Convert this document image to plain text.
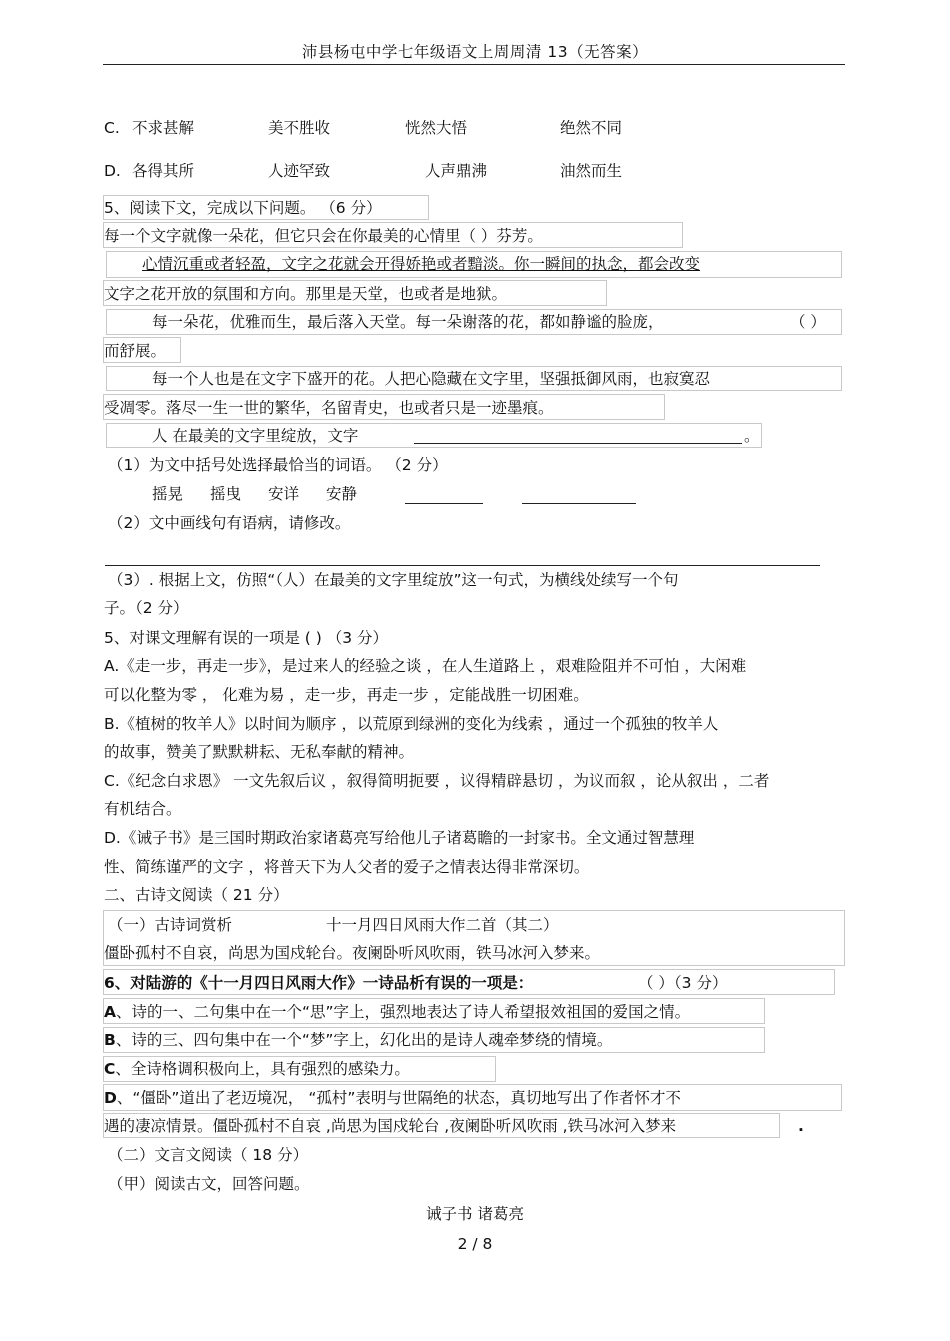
沛县杨屯中学七年级语文上周周清 13（无答案）
C. 不求甚解	美不胜收	恍然大悟	绝然不同
D. 各得其所	人迹罕致	人声鼎沸	油然而生
5、阅读下文，完成以下问题。 （6 分）
每一个文字就像一朵花，但它只会在你最美的心情里（ ）芬芳。
心情沉重或者轻盈，文字之花就会开得娇艳或者黯淡。你一瞬间的执念，都会改变
文字之花开放的氛围和方向。那里是天堂，也或者是地狱。
每一朵花，优雅而生，最后落入天堂。每一朵谢落的花，都如静谧的脸庞，	（ ）
而舒展。
每一个人也是在文字下盛开的花。人把心隐藏在文字里，坚强抵御风雨，也寂寞忍
受凋零。落尽一生一世的繁华，名留青史，也或者只是一迹墨痕。
人 在最美的文字里绽放，文字	。
（1）为文中括号处选择最恰当的词语。 （2 分）
摇晃 摇曳 安详 安静
（2）文中画线句有语病，请修改。
（3）. 根据上文，仿照“（人）在最美的文字里绽放”这一句式，为横线处续写一个句
子。（2 分）
5、对课文理解有误的一项是 ( ) （3 分）
A.《走一步，再走一步》，是过来人的经验之谈 ，在人生道路上 ，艰难险阻并不可怕 ，大闲难
可以化整为零 ， 化难为易 ，走一步，再走一步 ，定能战胜一切困难。
B.《植树的牧羊人》以时间为顺序 ，以荒原到绿洲的变化为线索 ，通过一个孤独的牧羊人
的故事，赞美了默默耕耘、无私奉献的精神。
C.《纪念白求恩》 一文先叙后议 ，叙得简明扼要 ，议得精辟悬切 ，为议而叙 ，论从叙出 ，二者
有机结合。
D.《诫子书》是三国时期政治家诸葛亮写给他儿子诸葛瞻的一封家书。全文通过智慧理
性、简练谨严的文字 ，将普天下为人父者的爱子之情表达得非常深切。
二、古诗文阅读（ 21 分）
（一）古诗词赏析	十一月四日风雨大作二首（其二）
僵卧孤村不自哀，尚思为国戍轮台。夜阑卧听风吹雨，铁马冰河入梦来。
6、对陆游的《十一月四日风雨大作》一诗品析有误的一项是：	（ ）（3 分）
A、诗的一、二句集中在一个“思”字上，强烈地表达了诗人希望报效祖国的爱国之情。
B、诗的三、四句集中在一个“梦”字上，幻化出的是诗人魂牵梦绕的情境。
C、全诗格调积极向上，具有强烈的感染力。
D、“僵卧”道出了老迈境况， “孤村”表明与世隔绝的状态，真切地写出了作者怀才不
遇的凄凉情景。僵卧孤村不自哀 ,尚思为国戍轮台 ,夜阑卧听风吹雨 ,铁马冰河入梦来	.
（二）文言文阅读（ 18 分）
（甲）阅读古文，回答问题。
诫子书 诸葛亮
2 / 8
